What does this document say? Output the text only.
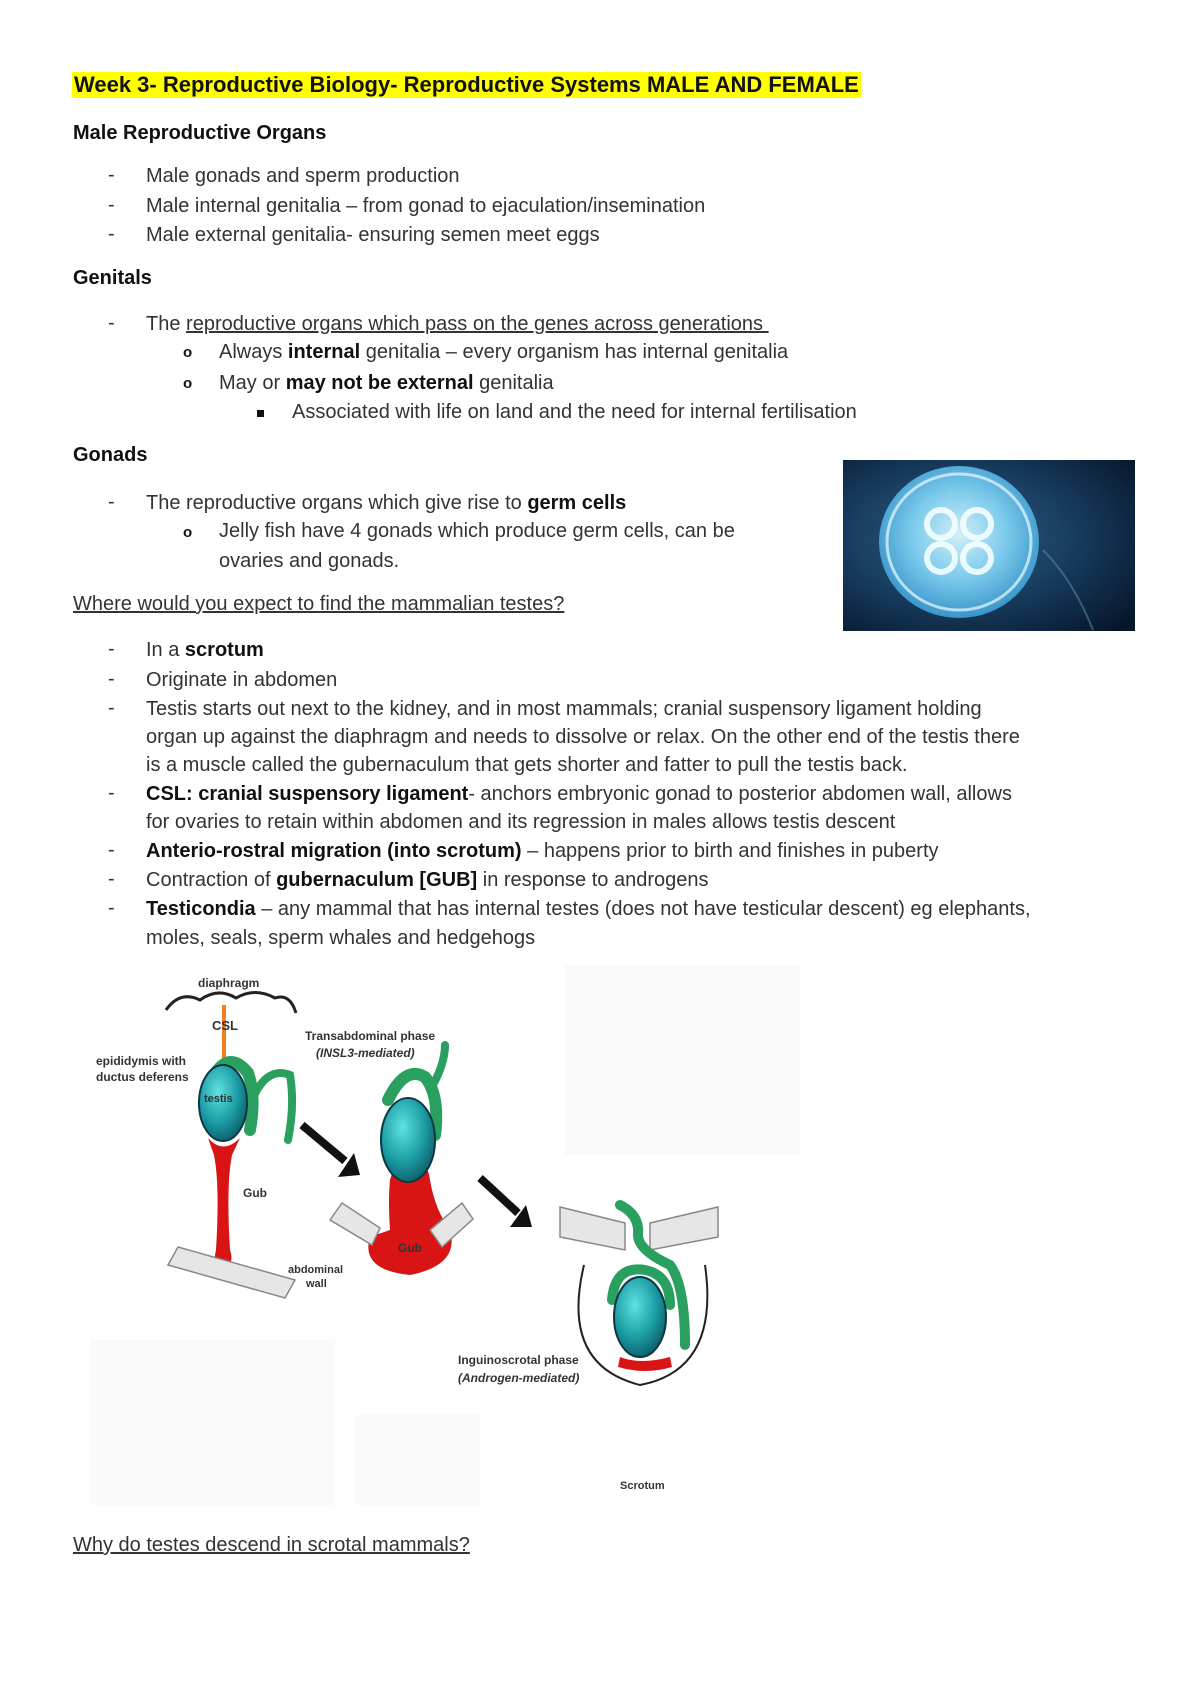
Week 3- Reproductive Biology- Reproductive Systems MALE AND FEMALE
Male Reproductive Organs
- Male gonads and sperm production
- Male internal genitalia – from gonad to ejaculation/insemination
- Male external genitalia- ensuring semen meet eggs
Genitals
- The reproductive organs which pass on the genes across generations
o Always internal genitalia – every organism has internal genitalia
o May or may not be external genitalia
Associated with life on land and the need for internal fertilisation
Gonads
- The reproductive organs which give rise to germ cells
o Jelly fish have 4 gonads which produce germ cells, can be
ovaries and gonads.
Where would you expect to find the mammalian testes?
- In a scrotum
- Originate in abdomen
- Testis starts out next to the kidney, and in most mammals; cranial suspensory ligament holding
organ up against the diaphragm and needs to dissolve or relax. On the other end of the testis there
is a muscle called the gubernaculum that gets shorter and fatter to pull the testis back.
- CSL: cranial suspensory ligament- anchors embryonic gonad to posterior abdomen wall, allows
for ovaries to retain within abdomen and its regression in males allows testis descent
- Anterio-rostral migration (into scrotum) – happens prior to birth and finishes in puberty
- Contraction of gubernaculum [GUB] in response to androgens
- Testicondia – any mammal that has internal testes (does not have testicular descent) eg elephants,
moles, seals, sperm whales and hedgehogs
diaphragm
CSL
epididymis with
ductus deferens
testis
Gub
Transabdominal phase
(INSL3-mediated)
abdominal
wall
Gub
Inguinoscrotal phase
(Androgen-mediated)
Scrotum
Why do testes descend in scrotal mammals?
